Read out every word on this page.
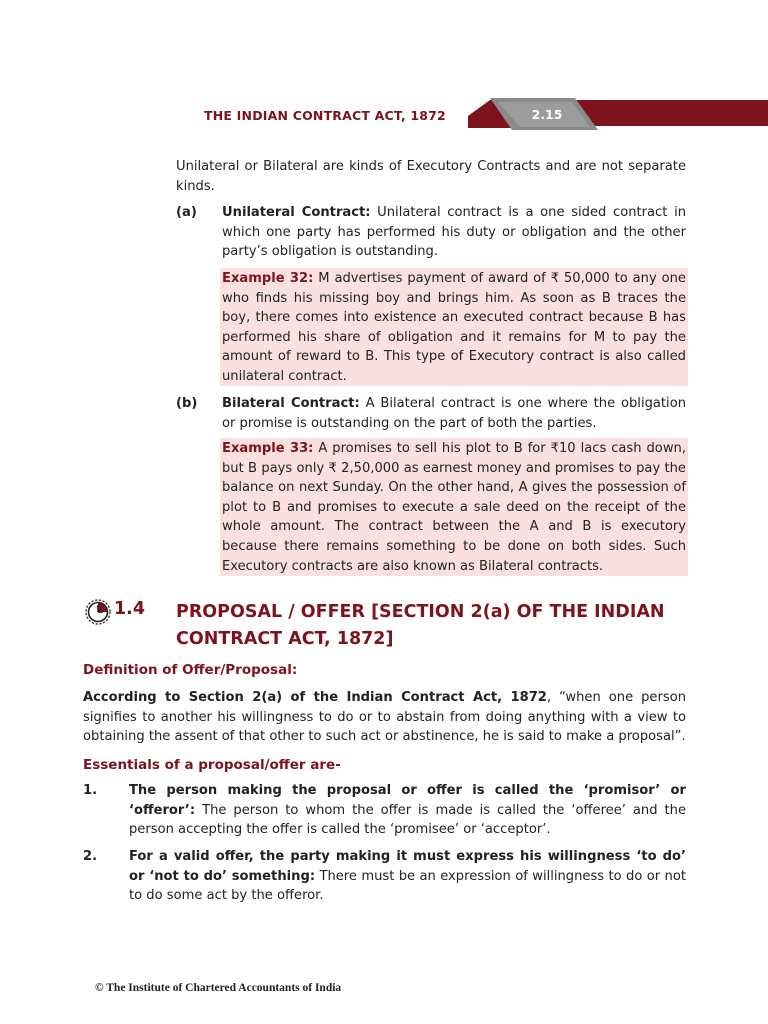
THE INDIAN CONTRACT ACT, 1872	2.15
Unilateral or Bilateral are kinds of Executory Contracts and are not separate kinds.
(a) Unilateral Contract: Unilateral contract is a one sided contract in which one party has performed his duty or obligation and the other party’s obligation is outstanding.
Example 32: M advertises payment of award of ₹ 50,000 to any one who finds his missing boy and brings him. As soon as B traces the boy, there comes into existence an executed contract because B has performed his share of obligation and it remains for M to pay the amount of reward to B. This type of Executory contract is also called unilateral contract.
(b) Bilateral Contract: A Bilateral contract is one where the obligation or promise is outstanding on the part of both the parties.
Example 33: A promises to sell his plot to B for ₹10 lacs cash down, but B pays only ₹ 2,50,000 as earnest money and promises to pay the balance on next Sunday. On the other hand, A gives the possession of plot to B and promises to execute a sale deed on the receipt of the whole amount. The contract between the A and B is executory because there remains something to be done on both sides. Such Executory contracts are also known as Bilateral contracts.
1.4 PROPOSAL / OFFER [SECTION 2(a) OF THE INDIAN CONTRACT ACT, 1872]
Definition of Offer/Proposal:
According to Section 2(a) of the Indian Contract Act, 1872, “when one person signifies to another his willingness to do or to abstain from doing anything with a view to obtaining the assent of that other to such act or abstinence, he is said to make a proposal”.
Essentials of a proposal/offer are-
1. The person making the proposal or offer is called the ‘promisor’ or ‘offeror’: The person to whom the offer is made is called the ‘offeree’ and the person accepting the offer is called the ‘promisee’ or ‘acceptor’.
2. For a valid offer, the party making it must express his willingness ‘to do’ or ‘not to do’ something: There must be an expression of willingness to do or not to do some act by the offeror.
© The Institute of Chartered Accountants of India
